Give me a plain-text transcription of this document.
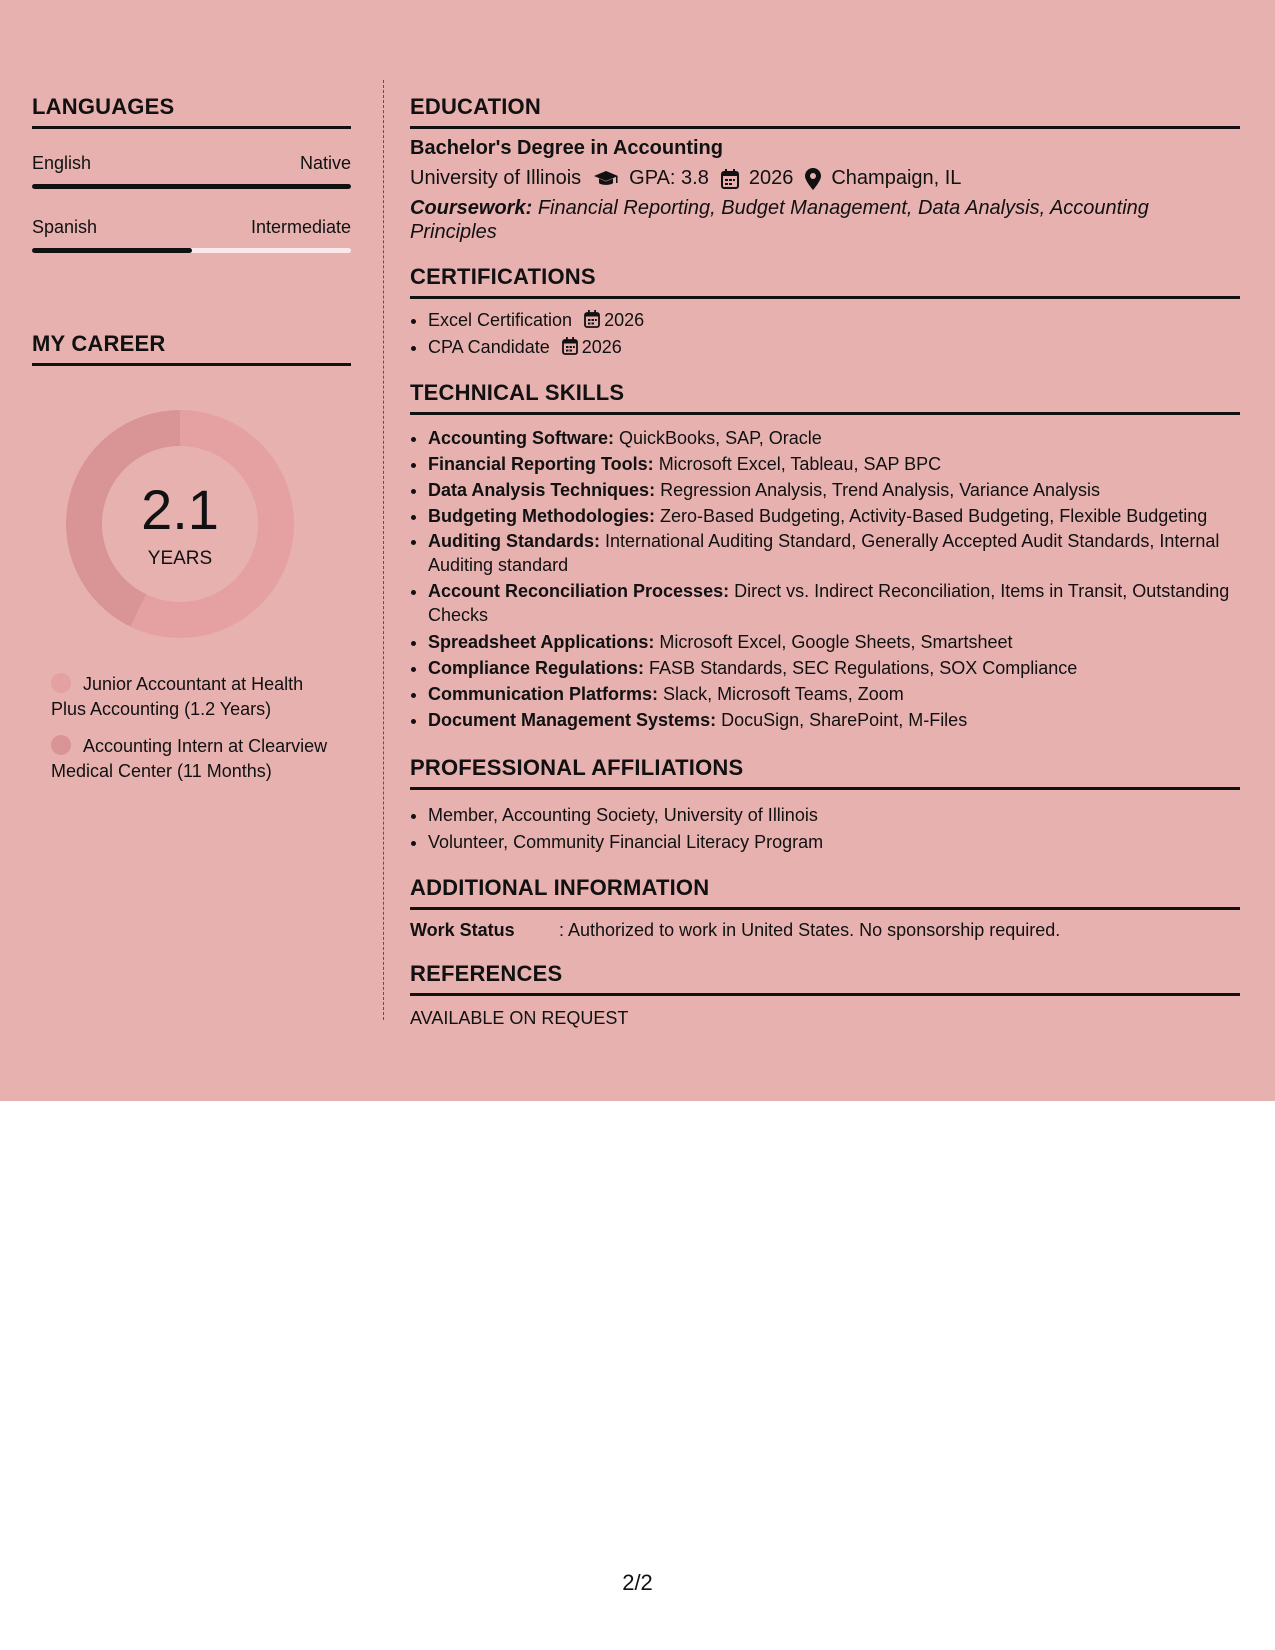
LANGUAGES
English	Native
Spanish	Intermediate
MY CAREER
2.1
YEARS
Junior Accountant at Health Plus Accounting (1.2 Years)
Accounting Intern at Clearview Medical Center (11 Months)
EDUCATION
Bachelor's Degree in Accounting
University of Illinois GPA: 3.8 2026 Champaign, IL
Coursework: Financial Reporting, Budget Management, Data Analysis, Accounting Principles
CERTIFICATIONS
• Excel Certification 2026
• CPA Candidate 2026
TECHNICAL SKILLS
• Accounting Software: QuickBooks, SAP, Oracle
• Financial Reporting Tools: Microsoft Excel, Tableau, SAP BPC
• Data Analysis Techniques: Regression Analysis, Trend Analysis, Variance Analysis
• Budgeting Methodologies: Zero-Based Budgeting, Activity-Based Budgeting, Flexible Budgeting
• Auditing Standards: International Auditing Standard, Generally Accepted Audit Standards, Internal Auditing standard
• Account Reconciliation Processes: Direct vs. Indirect Reconciliation, Items in Transit, Outstanding Checks
• Spreadsheet Applications: Microsoft Excel, Google Sheets, Smartsheet
• Compliance Regulations: FASB Standards, SEC Regulations, SOX Compliance
• Communication Platforms: Slack, Microsoft Teams, Zoom
• Document Management Systems: DocuSign, SharePoint, M-Files
PROFESSIONAL AFFILIATIONS
• Member, Accounting Society, University of Illinois
• Volunteer, Community Financial Literacy Program
ADDITIONAL INFORMATION
Work Status	: Authorized to work in United States. No sponsorship required.
REFERENCES
AVAILABLE ON REQUEST
2/2
